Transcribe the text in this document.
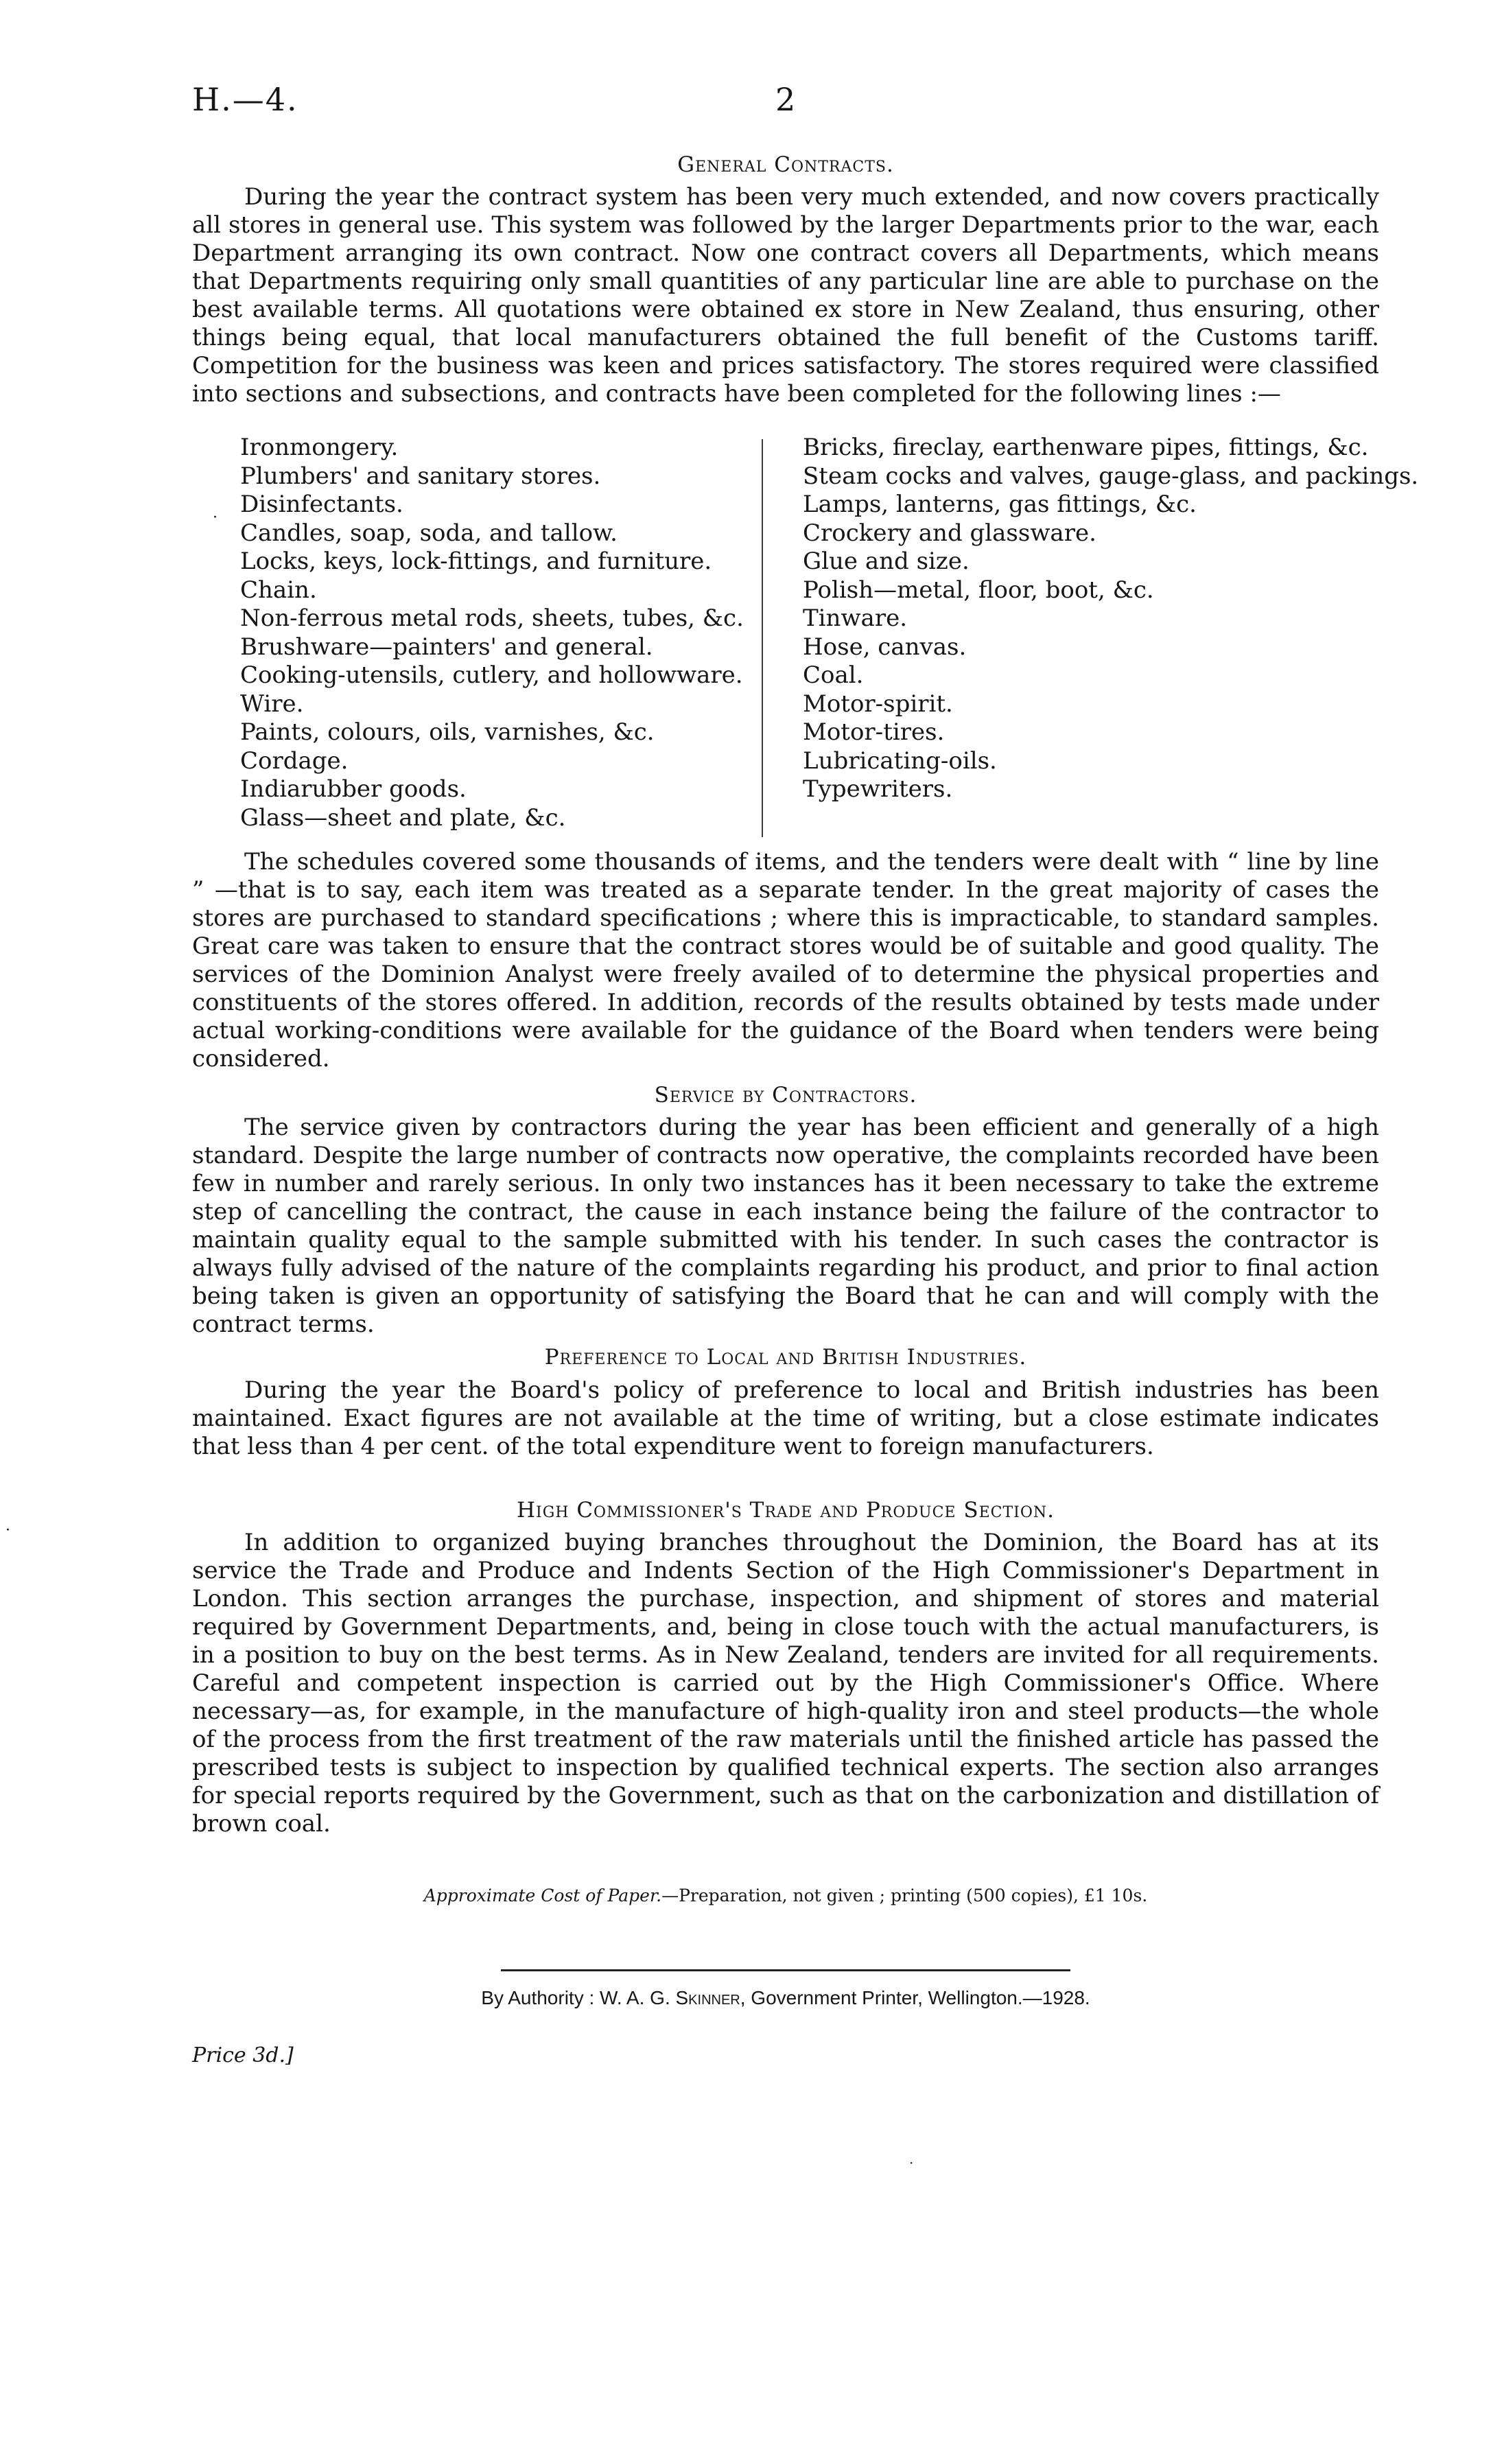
H.—4.	2
General Contracts.

During the year the contract system has been very much extended, and now covers practically all stores in general use. This system was followed by the larger Departments prior to the war, each Department arranging its own contract. Now one contract covers all Departments, which means that Departments requiring only small quantities of any particular line are able to purchase on the best available terms. All quotations were obtained ex store in New Zealand, thus ensuring, other things being equal, that local manufacturers obtained the full benefit of the Customs tariff. Competition for the business was keen and prices satisfactory. The stores required were classified into sections and subsections, and contracts have been completed for the following lines :—

·
Ironmongery.
Plumbers' and sanitary stores.
Disinfectants.
Candles, soap, soda, and tallow.
Locks, keys, lock-fittings, and furniture.
Chain.
Non-ferrous metal rods, sheets, tubes, &c.
Brushware—painters' and general.
Cooking-utensils, cutlery, and hollowware.
Wire.
Paints, colours, oils, varnishes, &c.
Cordage.
Indiarubber goods.
Glass—sheet and plate, &c.
Bricks, fireclay, earthenware pipes, fittings, &c.
Steam cocks and valves, gauge-glass, and packings.
Lamps, lanterns, gas fittings, &c.
Crockery and glassware.
Glue and size.
Polish—metal, floor, boot, &c.
Tinware.
Hose, canvas.
Coal.
Motor-spirit.
Motor-tires.
Lubricating-oils.
Typewriters.

The schedules covered some thousands of items, and the tenders were dealt with “ line by line ” —that is to say, each item was treated as a separate tender. In the great majority of cases the stores are purchased to standard specifications ; where this is impracticable, to standard samples. Great care was taken to ensure that the contract stores would be of suitable and good quality. The services of the Dominion Analyst were freely availed of to determine the physical properties and constituents of the stores offered. In addition, records of the results obtained by tests made under actual working-conditions were available for the guidance of the Board when tenders were being considered.

Service by Contractors.

The service given by contractors during the year has been efficient and generally of a high standard. Despite the large number of contracts now operative, the complaints recorded have been few in number and rarely serious. In only two instances has it been necessary to take the extreme step of cancelling the contract, the cause in each instance being the failure of the contractor to maintain quality equal to the sample submitted with his tender. In such cases the contractor is always fully advised of the nature of the complaints regarding his product, and prior to final action being taken is given an opportunity of satisfying the Board that he can and will comply with the contract terms.

Preference to Local and British Industries.

During the year the Board's policy of preference to local and British industries has been maintained. Exact figures are not available at the time of writing, but a close estimate indicates that less than 4 per cent. of the total expenditure went to foreign manufacturers.

·
High Commissioner's Trade and Produce Section.

In addition to organized buying branches throughout the Dominion, the Board has at its service the Trade and Produce and Indents Section of the High Commissioner's Department in London. This section arranges the purchase, inspection, and shipment of stores and material required by Government Departments, and, being in close touch with the actual manufacturers, is in a position to buy on the best terms. As in New Zealand, tenders are invited for all requirements. Careful and competent inspection is carried out by the High Commissioner's Office. Where necessary—as, for example, in the manufacture of high-quality iron and steel products—the whole of the process from the first treatment of the raw materials until the finished article has passed the prescribed tests is subject to inspection by qualified technical experts. The section also arranges for special reports required by the Government, such as that on the carbonization and distillation of brown coal.

Approximate Cost of Paper.—Preparation, not given ; printing (500 copies), £1 10s.
By Authority : W. A. G. Skinner, Government Printer, Wellington.—1928.
Price 3d.]
·
